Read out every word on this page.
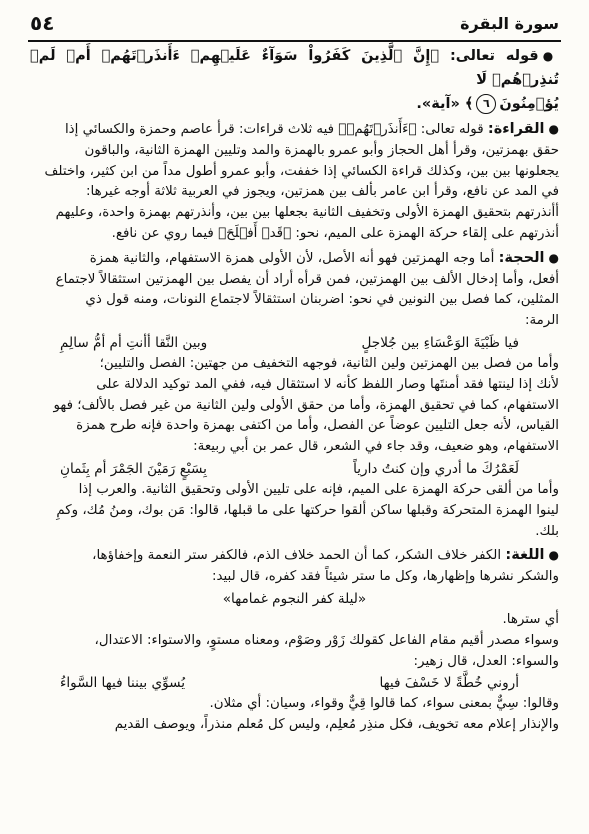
٥٤	سورة البقرة

●قوله تعالى: ﴿إِنَّ ٱلَّذِينَ كَفَرُواْ سَوَآءٌ عَلَيۡهِمۡ ءَأَنذَرۡتَهُمۡ أَمۡ لَمۡ تُنذِرۡهُمۡ لَا

يُؤۡمِنُونَ٦﴾ «آية».

●القراءة: قوله تعالى: ﴿ءَأَنذَرۡتَهُمۡ﴾ فيه ثلاث قراءات: قرأ عاصم وحمزة والكسائي إذا

حقق بهمزتين، وقرأ أهل الحجاز وأبو عمرو بالهمزة والمد وتليين الهمزة الثانية، والباقون

يجعلونها بين بين، وكذلك قراءة الكسائي إذا خففت، وأبو عمرو أطول مداً من ابن كثير، واختلف

في المد عن نافع، وقرأ ابن عامر بألف بين همزتين، ويجوز في العربية ثلاثة أوجه غيرها:

أأنذرتهم بتحقيق الهمزة الأولى وتخفيف الثانية بجعلها بين بين، وأنذرتهم بهمزة واحدة، وعليهم

أنذرتهم على إلقاء حركة الهمزة على الميم، نحو: ﴿قَدۡ أَفۡلَحَ﴾ فيما روي عن نافع.

●الحجة: أما وجه الهمزتين فهو أنه الأصل، لأن الأولى همزة الاستفهام، والثانية همزة

أفعل، وأما إدخال الألف بين الهمزتين، فمن قرأه أراد أن يفصل بين الهمزتين استثقالاً لاجتماع

المثلين، كما فصل بين النونين في نحو: اضربنان استثقالاً لاجتماع النونات، ومنه قول ذي

الرمة:

فيا ظَبْيَةَ الوَعْسَاءِ بين جُلاجلٍ
وبين النَّقا أأنتِ أم أمُّ سالِمِ

وأما من فصل بين الهمزتين ولين الثانية، فوجهه التخفيف من جهتين: الفصل والتليين؛

لأنك إذا لينتها فقد أمنتَها وصار اللفظ كأنه لا استثقال فيه، ففي المد توكيد الدلالة على

الاستفهام، كما في تحقيق الهمزة، وأما من حقق الأولى ولين الثانية من غير فصل بالألف؛ فهو

القياس، لأنه جعل التليين عوضاً عن الفصل، وأما من اكتفى بهمزة واحدة فإنه طرح همزة

الاستفهام، وهو ضعيف، وقد جاء في الشعر، قال عمر بن أبي ربيعة:

لَعَمْرُكَ ما أدري وإن كنتُ دارياً
بِسَبْعٍ رَمَيْنَ الجَمْرَ أم بِثَمانِ

وأما من ألقى حركة الهمزة على الميم، فإنه على تليين الأولى وتحقيق الثانية. والعرب إذا

لينوا الهمزة المتحركة وقبلها ساكن ألقوا حركتها على ما قبلها، قالوا: مَن بوك، ومنُ مُك، وكمِ

بلك.

●اللغة: الكفر خلاف الشكر، كما أن الحمد خلاف الذم، فالكفر ستر النعمة وإخفاؤها،

والشكر نشرها وإظهارها، وكل ما ستر شيئاً فقد كفره، قال لبيد:

«ليلة كفر النجوم غمامها»

أي سترها.

وسواء مصدر أقيم مقام الفاعل كقولك زَوْر وصَوْم، ومعناه مستوٍ، والاستواء: الاعتدال،

والسواء: العدل، قال زهير:

أروني خُطَّةً لا خَسْفَ فيها
يُسوِّي بيننا فيها السَّواءُ

وقالوا: سِيٌّ بمعنى سواء، كما قالوا قِيٌّ وقواء، وسيان: أي مثلان.

والإنذار إعلام معه تخويف، فكل منذِر مُعلِم، وليس كل مُعلم منذراً، ويوصف القديم
